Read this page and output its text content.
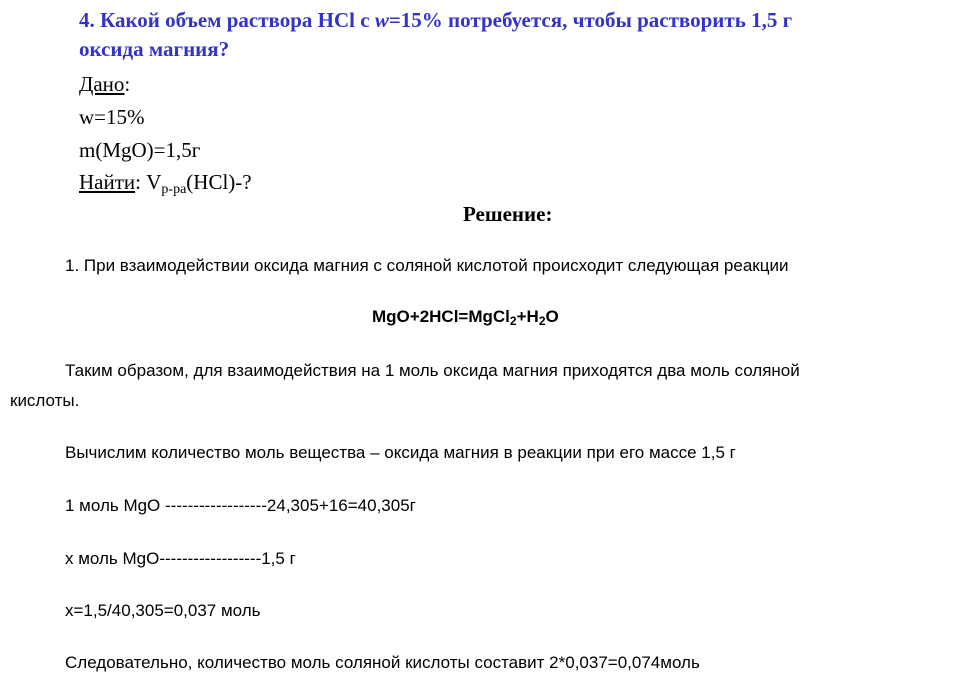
4. Какой объем раствора HCl с w=15% потребуется, чтобы растворить 1,5 г
оксида магния?
Дано:
w=15%
m(MgO)=1,5г
Найти: $V_{р-ра}(HCl)-$?
Решение:
1. При взаимодействии оксида магния с соляной кислотой происходит следующая реакции
MgO+2HCl=MgCl2+H2O
Таким образом, для взаимодействия на 1 моль оксида магния приходятся два моль соляной
кислоты.
Вычислим количество моль вещества – оксида магния в реакции при его массе 1,5 г
1 моль MgO ------------------24,305+16=40,305г
х моль MgO------------------1,5 г
x=1,5/40,305=0,037 моль
Следовательно, количество моль соляной кислоты составит 2*0,037=0,074моль
